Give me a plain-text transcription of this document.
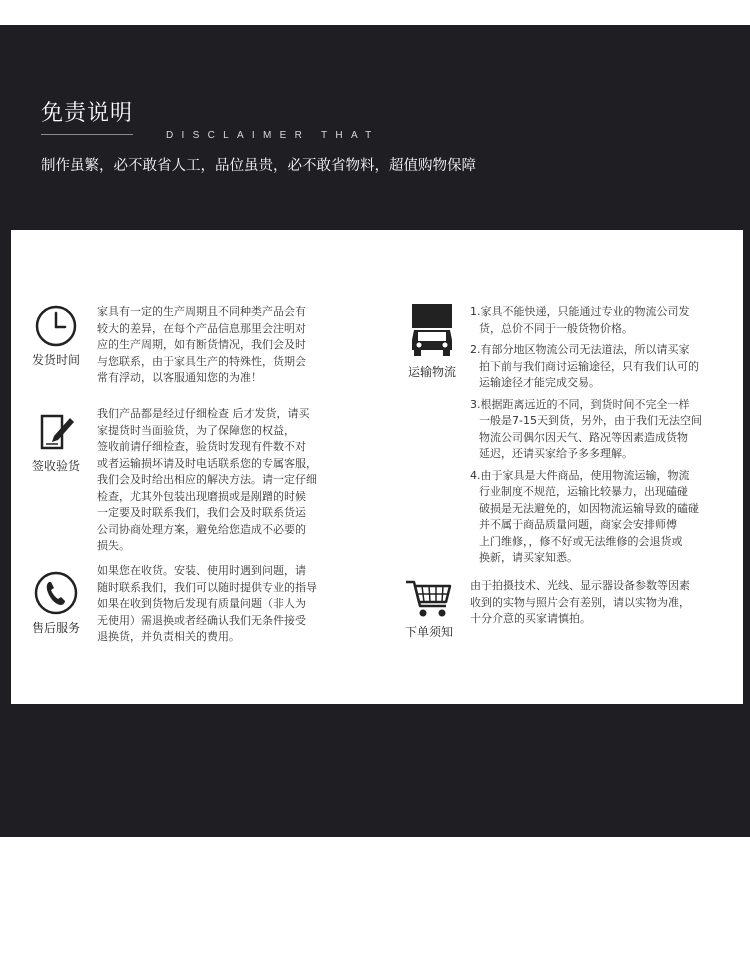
免责说明
DISCLAIMER THAT
制作虽繁，必不敢省人工，品位虽贵，必不敢省物料，超值购物保障
发货时间

家具有一定的生产周期且不同种类产品会有

较大的差异，在每个产品信息那里会注明对

应的生产周期，如有断货情况，我们会及时

与您联系，由于家具生产的特殊性，货期会

常有浮动，以客服通知您的为准！

签收验货

我们产品都是经过仔细检查 后才发货，请买

家提货时当面验货，为了保障您的权益，

签收前请仔细检查，验货时发现有件数不对

或者运输损坏请及时电话联系您的专属客服，

我们会及时给出相应的解决方法。请一定仔细

检查，尤其外包装出现磨损或是剐蹭的时候

一定要及时联系我们，我们会及时联系货运

公司协商处理方案，避免给您造成不必要的

损失。

售后服务

如果您在收货。安装、使用时遇到问题，请

随时联系我们，我们可以随时提供专业的指导

如果在收到货物后发现有质量问题（非人为

无使用）需退换或者经确认我们无条件接受

退换货，并负责相关的费用。

运输物流

1.家具不能快递，只能通过专业的物流公司发

货，总价不同于一般货物价格。

2.有部分地区物流公司无法道法，所以请买家

拍下前与我们商讨运输途径，只有我们认可的

运输途径才能完成交易。

3.根据距离远近的不同，到货时间不完全一样

一般是7-15天到货，另外，由于我们无法空间

物流公司偶尔因天气、路况等因素造成货物

延迟，还请买家给予多多理解。

4.由于家具是大件商品，使用物流运输，物流

行业制度不规范，运输比较暴力，出现磕碰

破损是无法避免的，如因物流运输导致的磕碰

并不属于商品质量问题，商家会安排师傅

上门维修，，修不好或无法维修的会退货或

换新，请买家知悉。

下单须知

由于拍摄技术、光线、显示器设备参数等因素

收到的实物与照片会有差别，请以实物为准，

十分介意的买家请慎拍。
